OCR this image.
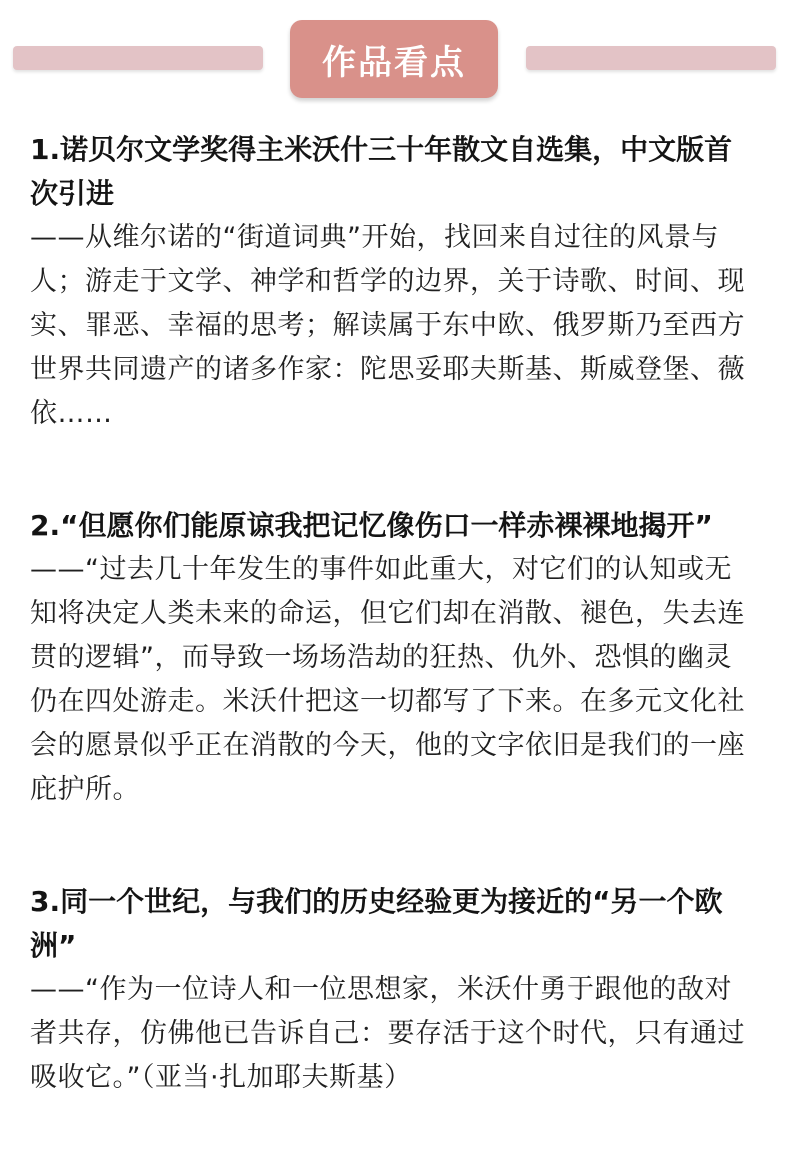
作品看点

1.诺贝尔文学奖得主米沃什三十年散文自选集，中文版首次引进

——从维尔诺的“街道词典”开始，找回来自过往的风景与人；游走于文学、神学和哲学的边界，关于诗歌、时间、现实、罪恶、幸福的思考；解读属于东中欧、俄罗斯乃至西方世界共同遗产的诸多作家：陀思妥耶夫斯基、斯威登堡、薇依……

2.“但愿你们能原谅我把记忆像伤口一样赤裸裸地揭开”

——“过去几十年发生的事件如此重大，对它们的认知或无知将决定人类未来的命运，但它们却在消散、褪色，失去连贯的逻辑”，而导致一场场浩劫的狂热、仇外、恐惧的幽灵仍在四处游走。米沃什把这一切都写了下来。在多元文化社会的愿景似乎正在消散的今天，他的文字依旧是我们的一座庇护所。

3.同一个世纪，与我们的历史经验更为接近的“另一个欧洲”

——“作为一位诗人和一位思想家，米沃什勇于跟他的敌对者共存，仿佛他已告诉自己：要存活于这个时代，只有通过吸收它。”（亚当·扎加耶夫斯基）
